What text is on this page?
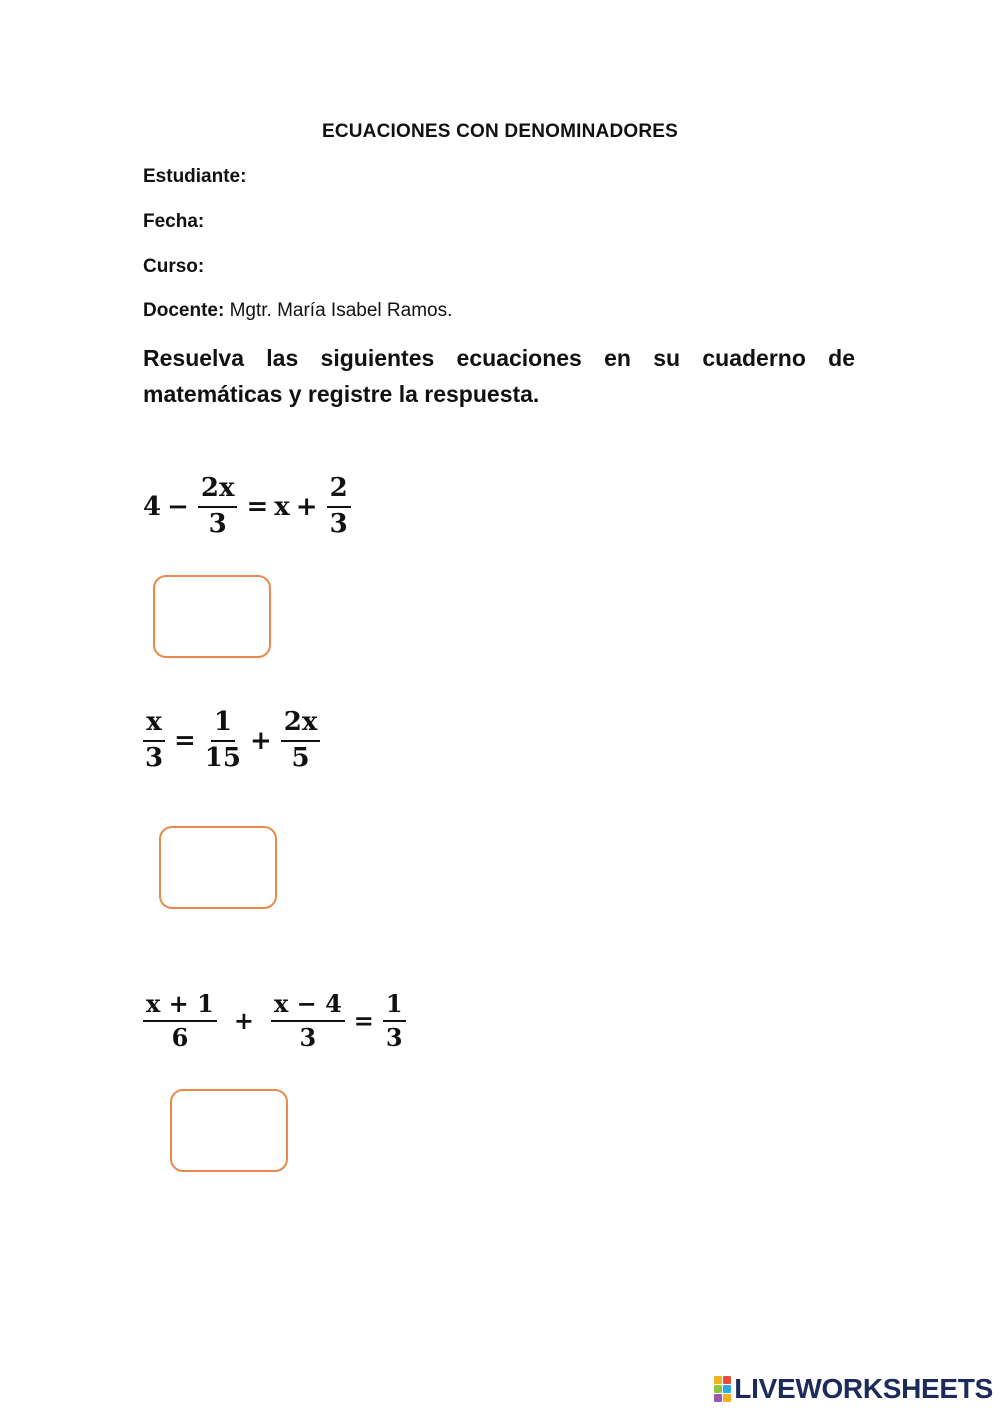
ECUACIONES CON DENOMINADORES
Estudiante:
Fecha:
Curso:
Docente: Mgtr. María Isabel Ramos.
Resuelva las siguientes ecuaciones en su cuaderno de matemáticas y registre la respuesta.
$4 - \frac{2x}{3} = x + \frac{2}{3}$
$\frac{x}{3} = \frac{1}{15} + \frac{2x}{5}$
$\frac{x + 1}{6} + \frac{x - 4}{3} = \frac{1}{3}$
LIVEWORKSHEETS
